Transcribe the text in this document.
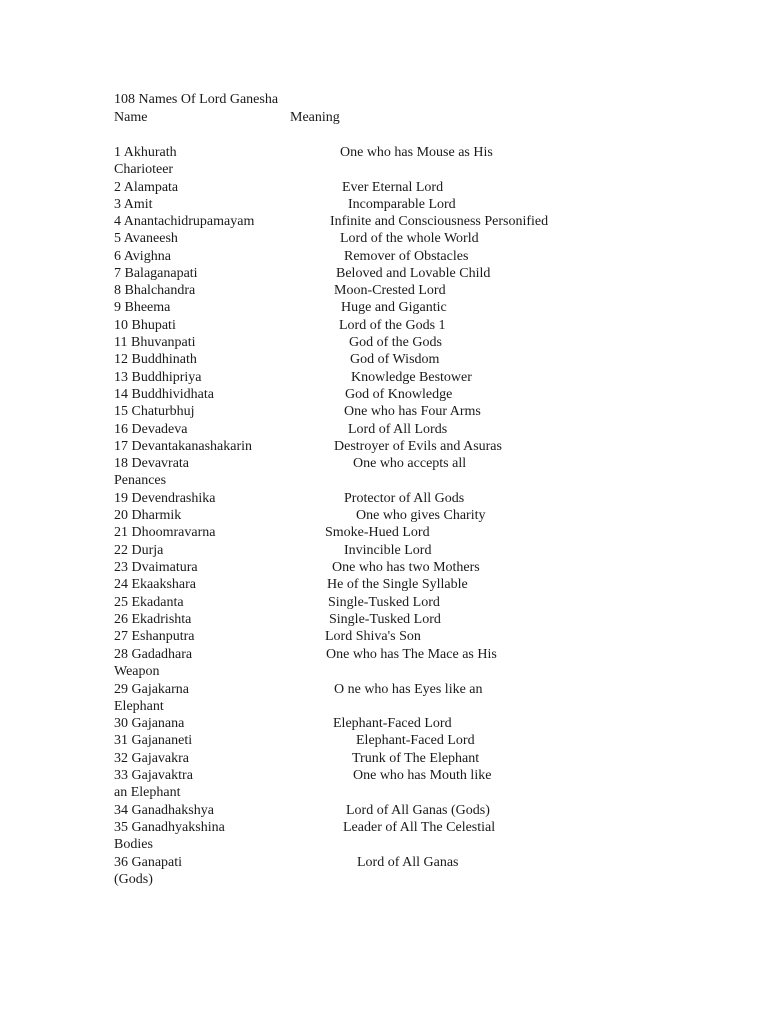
108 Names Of Lord Ganesha
Name	Meaning
1 Akhurath	One who has Mouse as His
Charioteer
2 Alampata	Ever Eternal Lord
3 Amit	Incomparable Lord
4 Anantachidrupamayam	Infinite and Consciousness Personified
5 Avaneesh	Lord of the whole World
6 Avighna	Remover of Obstacles
7 Balaganapati	Beloved and Lovable Child
8 Bhalchandra	Moon-Crested Lord
9 Bheema	Huge and Gigantic
10 Bhupati	Lord of the Gods 1
11 Bhuvanpati	God of the Gods
12 Buddhinath	God of Wisdom
13 Buddhipriya	Knowledge Bestower
14 Buddhividhata	God of Knowledge
15 Chaturbhuj	One who has Four Arms
16 Devadeva	Lord of All Lords
17 Devantakanashakarin	Destroyer of Evils and Asuras
18 Devavrata	One who accepts all
Penances
19 Devendrashika	Protector of All Gods
20 Dharmik	One who gives Charity
21 Dhoomravarna	Smoke-Hued Lord
22 Durja	Invincible Lord
23 Dvaimatura	One who has two Mothers
24 Ekaakshara	He of the Single Syllable
25 Ekadanta	Single-Tusked Lord
26 Ekadrishta	Single-Tusked Lord
27 Eshanputra	Lord Shiva's Son
28 Gadadhara	One who has The Mace as His
Weapon
29 Gajakarna	O ne who has Eyes like an
Elephant
30 Gajanana	Elephant-Faced Lord
31 Gajananeti	Elephant-Faced Lord
32 Gajavakra	Trunk of The Elephant
33 Gajavaktra	One who has Mouth like
an Elephant
34 Ganadhakshya	Lord of All Ganas (Gods)
35 Ganadhyakshina	Leader of All The Celestial
Bodies
36 Ganapati	Lord of All Ganas
(Gods)
